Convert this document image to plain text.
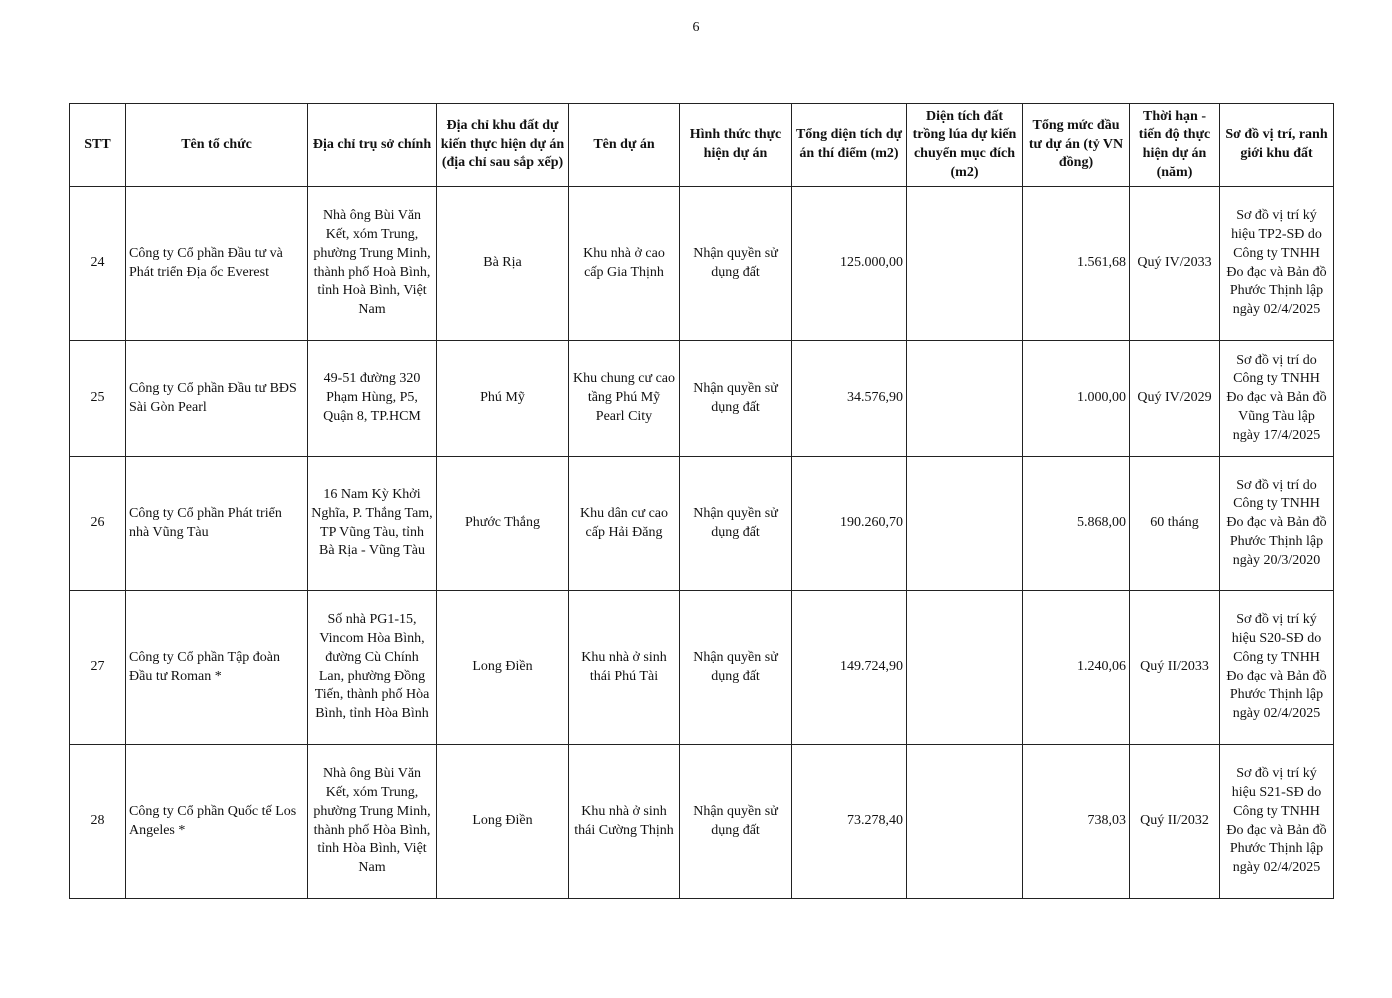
6
STT	Tên tổ chức	Địa chỉ trụ sở chính	Địa chỉ khu đất dự kiến thực hiện dự án (địa chỉ sau sắp xếp)	Tên dự án	Hình thức thực hiện dự án	Tổng diện tích dự án thí điểm (m2)	Diện tích đất trồng lúa dự kiến chuyển mục đích (m2)	Tổng mức đầu tư dự án (tỷ VN đồng)	Thời hạn - tiến độ thực hiện dự án (năm)	Sơ đồ vị trí, ranh giới khu đất
24	Công ty Cổ phần Đầu tư và Phát triển Địa ốc Everest	Nhà ông Bùi Văn Kết, xóm Trung, phường Trung Minh, thành phố Hoà Bình, tỉnh Hoà Bình, Việt Nam	Bà Rịa	Khu nhà ở cao cấp Gia Thịnh	Nhận quyền sử dụng đất	125.000,00		1.561,68	Quý IV/2033	Sơ đồ vị trí ký hiệu TP2-SĐ do Công ty TNHH Đo đạc và Bản đồ Phước Thịnh lập ngày 02/4/2025
25	Công ty Cổ phần Đầu tư BĐS Sài Gòn Pearl	49-51 đường 320 Phạm Hùng, P5, Quận 8, TP.HCM	Phú Mỹ	Khu chung cư cao tầng Phú Mỹ Pearl City	Nhận quyền sử dụng đất	34.576,90		1.000,00	Quý IV/2029	Sơ đồ vị trí do Công ty TNHH Đo đạc và Bản đồ Vũng Tàu lập ngày 17/4/2025
26	Công ty Cổ phần Phát triển nhà Vũng Tàu	16 Nam Kỳ Khởi Nghĩa, P. Thắng Tam, TP Vũng Tàu, tỉnh Bà Rịa - Vũng Tàu	Phước Thắng	Khu dân cư cao cấp Hải Đăng	Nhận quyền sử dụng đất	190.260,70		5.868,00	60 tháng	Sơ đồ vị trí do Công ty TNHH Đo đạc và Bản đồ Phước Thịnh lập ngày 20/3/2020
27	Công ty Cổ phần Tập đoàn Đầu tư Roman *	Số nhà PG1-15, Vincom Hòa Bình, đường Cù Chính Lan, phường Đồng Tiến, thành phố Hòa Bình, tỉnh Hòa Bình	Long Điền	Khu nhà ở sinh thái Phú Tài	Nhận quyền sử dụng đất	149.724,90		1.240,06	Quý II/2033	Sơ đồ vị trí ký hiệu S20-SĐ do Công ty TNHH Đo đạc và Bản đồ Phước Thịnh lập ngày 02/4/2025
28	Công ty Cổ phần Quốc tế Los Angeles *	Nhà ông Bùi Văn Kết, xóm Trung, phường Trung Minh, thành phố Hòa Bình, tỉnh Hòa Bình, Việt Nam	Long Điền	Khu nhà ở sinh thái Cường Thịnh	Nhận quyền sử dụng đất	73.278,40		738,03	Quý II/2032	Sơ đồ vị trí ký hiệu S21-SĐ do Công ty TNHH Đo đạc và Bản đồ Phước Thịnh lập ngày 02/4/2025
